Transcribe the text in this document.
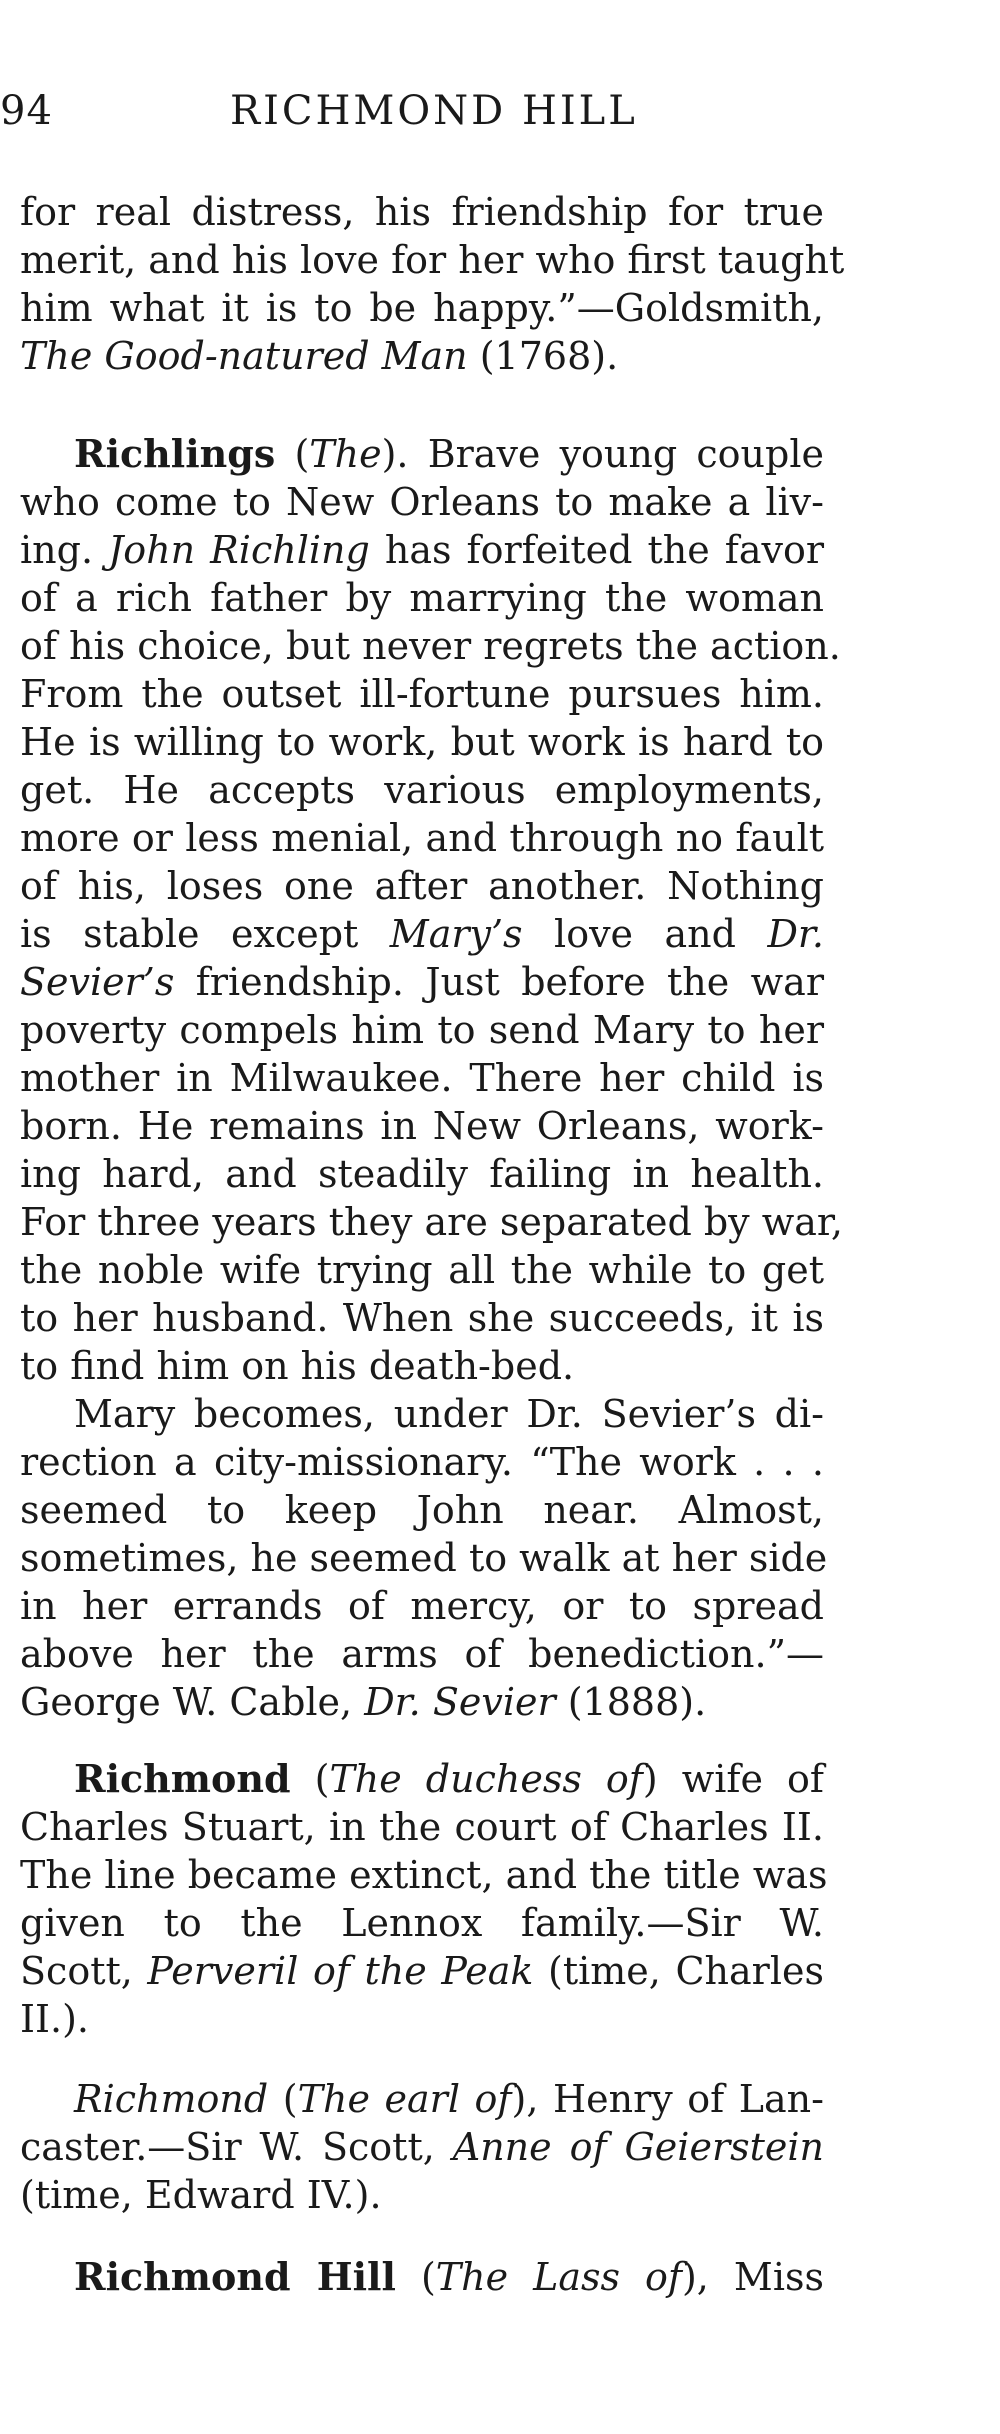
94	RICHMOND HILL
for real distress, his friendship for true
merit, and his love for her who first taught
him what it is to be happy.”—Goldsmith,
The Good-natured Man (1768).
Richlings (The). Brave young couple
who come to New Orleans to make a liv-
ing. John Richling has forfeited the favor
of a rich father by marrying the woman
of his choice, but never regrets the action.
From the outset ill-fortune pursues him.
He is willing to work, but work is hard to
get. He accepts various employments,
more or less menial, and through no fault
of his, loses one after another. Nothing
is stable except Mary’s love and Dr.
Sevier’s friendship. Just before the war
poverty compels him to send Mary to her
mother in Milwaukee. There her child is
born. He remains in New Orleans, work-
ing hard, and steadily failing in health.
For three years they are separated by war,
the noble wife trying all the while to get
to her husband. When she succeeds, it is
to find him on his death-bed.
Mary becomes, under Dr. Sevier’s di-
rection a city-missionary. “The work . . .
seemed to keep John near. Almost,
sometimes, he seemed to walk at her side
in her errands of mercy, or to spread
above her the arms of benediction.”—
George W. Cable, Dr. Sevier (1888).
Richmond (The duchess of) wife of
Charles Stuart, in the court of Charles II.
The line became extinct, and the title was
given to the Lennox family.—Sir W.
Scott, Perveril of the Peak (time, Charles
II.).
Richmond (The earl of), Henry of Lan-
caster.—Sir W. Scott, Anne of Geierstein
(time, Edward IV.).
Richmond Hill (The Lass of), Miss
